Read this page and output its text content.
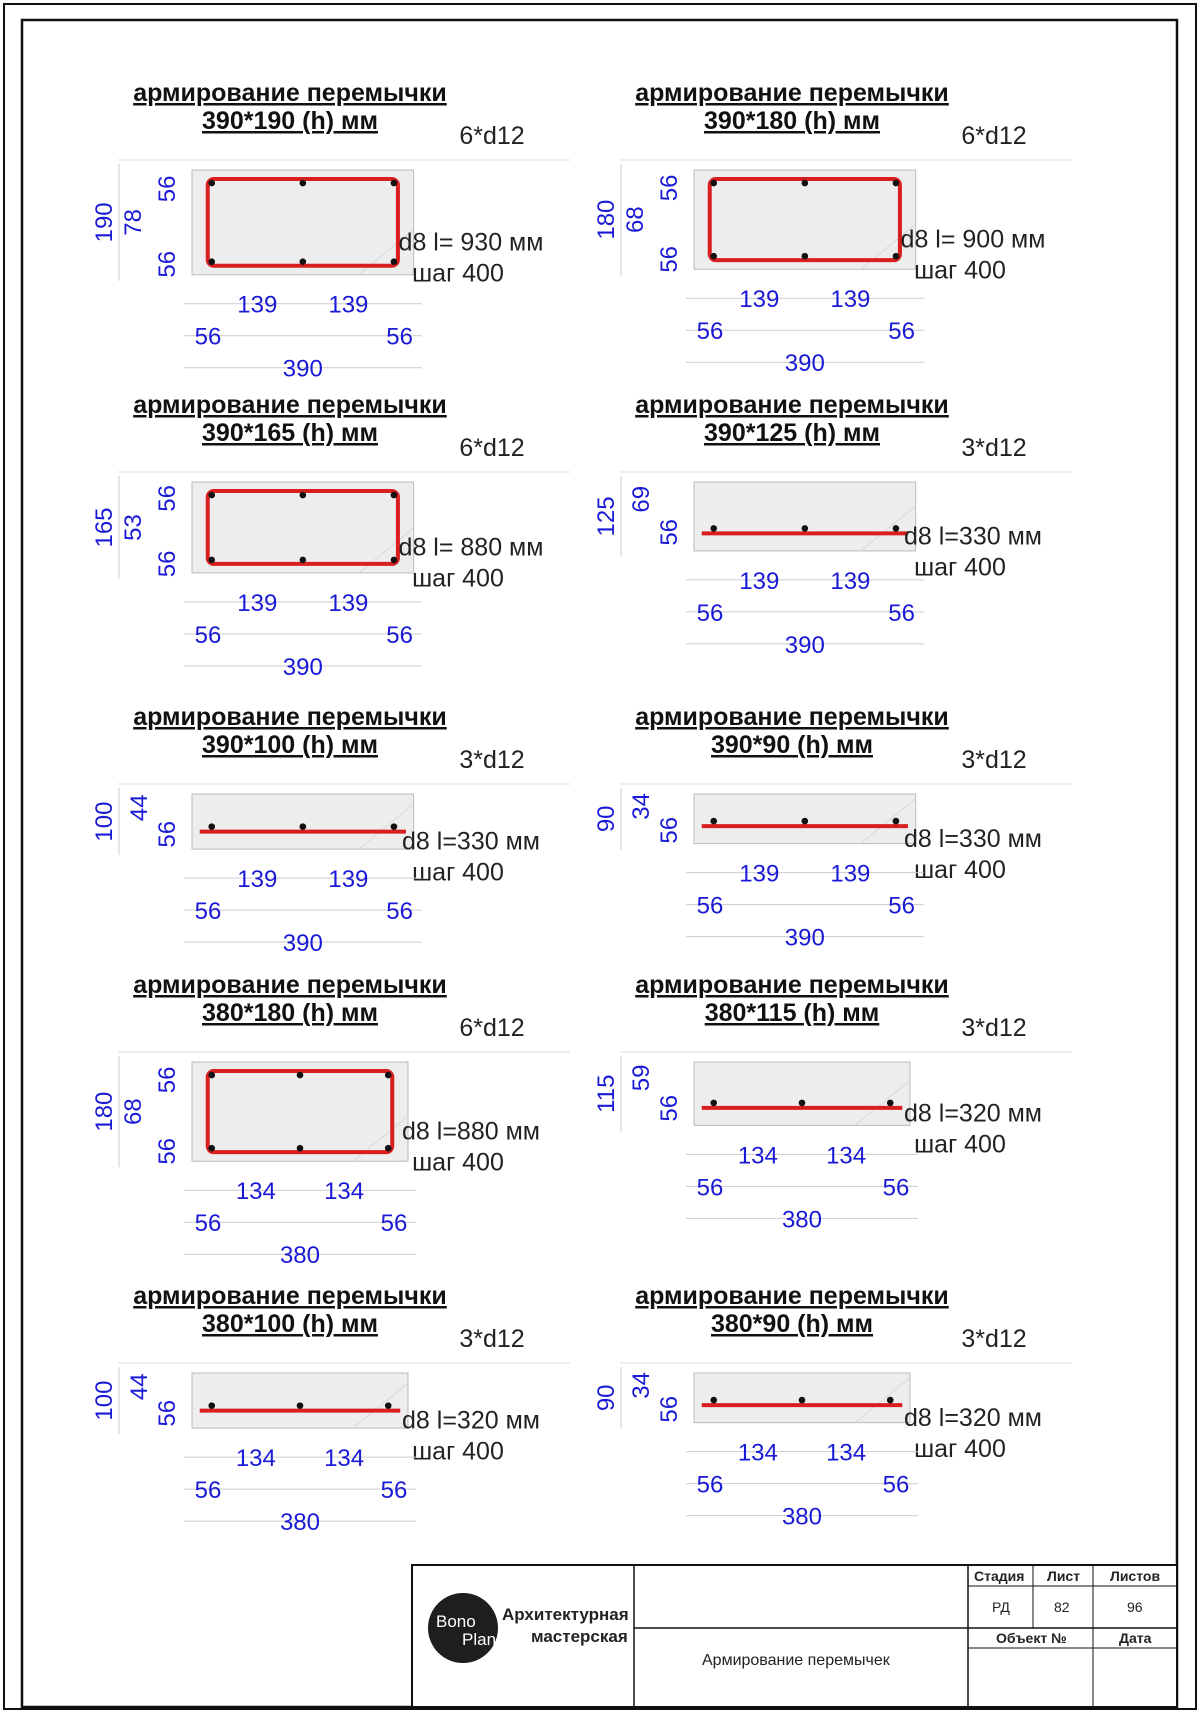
армирование перемычки
390*190 (h) мм
6*d12
d8 l= 930 мм
шаг 400
190 78
56
56
139 139
56	56
390
армирование перемычки
390*180 (h) мм
6*d12
d8 l= 900 мм
шаг 400
180 68
56
56
139 139
56	56
390
армирование перемычки
390*165 (h) мм
6*d12
d8 l= 880 мм
шаг 400
165 53
56
56
139 139
56	56
390
армирование перемычки
390*125 (h) мм
3*d12
d8 l=330 мм
шаг 400
125 69
56
139 139
56	56
390
армирование перемычки
390*100 (h) мм
3*d12
d8 l=330 мм
шаг 400
100 44
56
139 139
56	56
390
армирование перемычки
390*90 (h) мм
3*d12
d8 l=330 мм
шаг 400
90 34
56
139 139
56	56
390
армирование перемычки
380*180 (h) мм
6*d12
d8 l=880 мм
шаг 400
180 68
56
56
134 134
56	56
380
армирование перемычки
380*115 (h) мм
3*d12
d8 l=320 мм
шаг 400
115 59
56
134 134
56	56
380
армирование перемычки
380*100 (h) мм
3*d12
d8 l=320 мм
шаг 400
100 44
56
134 134
56	56
380
армирование перемычки
380*90 (h) мм
3*d12
d8 l=320 мм
шаг 400
90 34
56
134 134
56	56
380
Bono
Plan
Архитектурная
мастерская
Армирование перемычек
Стадия Лист Листов
РД	82	96
Объект №	Дата
